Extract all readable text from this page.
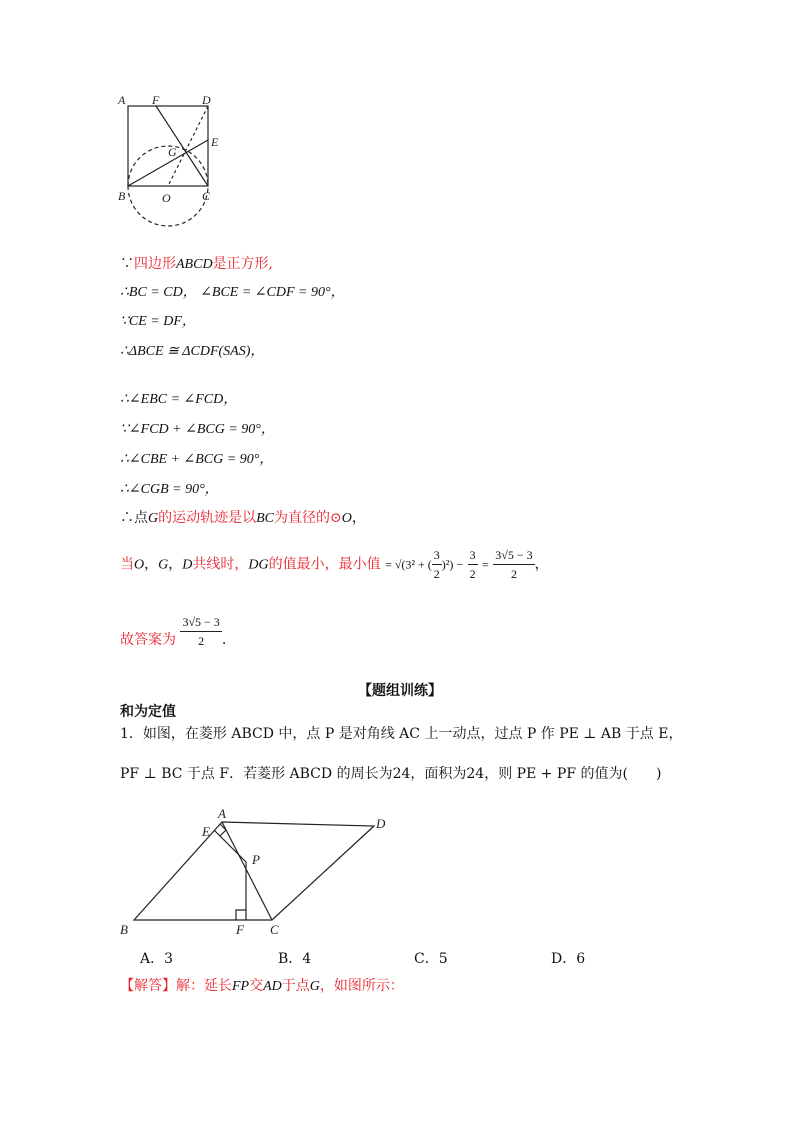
A F	D
E
G
B	O	C
∵四边形ABCD是正方形,
∴BC = CD， ∠BCE = ∠CDF = 90°，
∵CE = DF，
∴ΔBCE ≅ ΔCDF(SAS)，
∴∠EBC = ∠FCD，
∵∠FCD + ∠BCG = 90°，
∴∠CBE + ∠BCG = 90°，
∴∠CGB = 90°，
∴点G的运动轨迹是以BC为直径的⊙O，
当O，G，D共线时，DG的值最小，最小值 = √(3² + ( $\frac{3}{2} )^2) - \frac{3}{2} = \frac{3√5 - 3}{2}$ ，
故答案为 $\frac{3√5 - 3}{2}$ .
【题组训练】
和为定值
1．如图，在菱形 ABCD 中，点 P 是对角线 AC 上一动点，过点 P 作 PE ⊥ AB 于点 E，
PF ⊥ BC 于点 F．若菱形 ABCD 的周长为24，面积为24，则 PE + PF 的值为(　　)
A
E
D
P
B	F C
A．3	B．4	C．5	D．6
【解答】解：延长FP交AD于点G，如图所示：
